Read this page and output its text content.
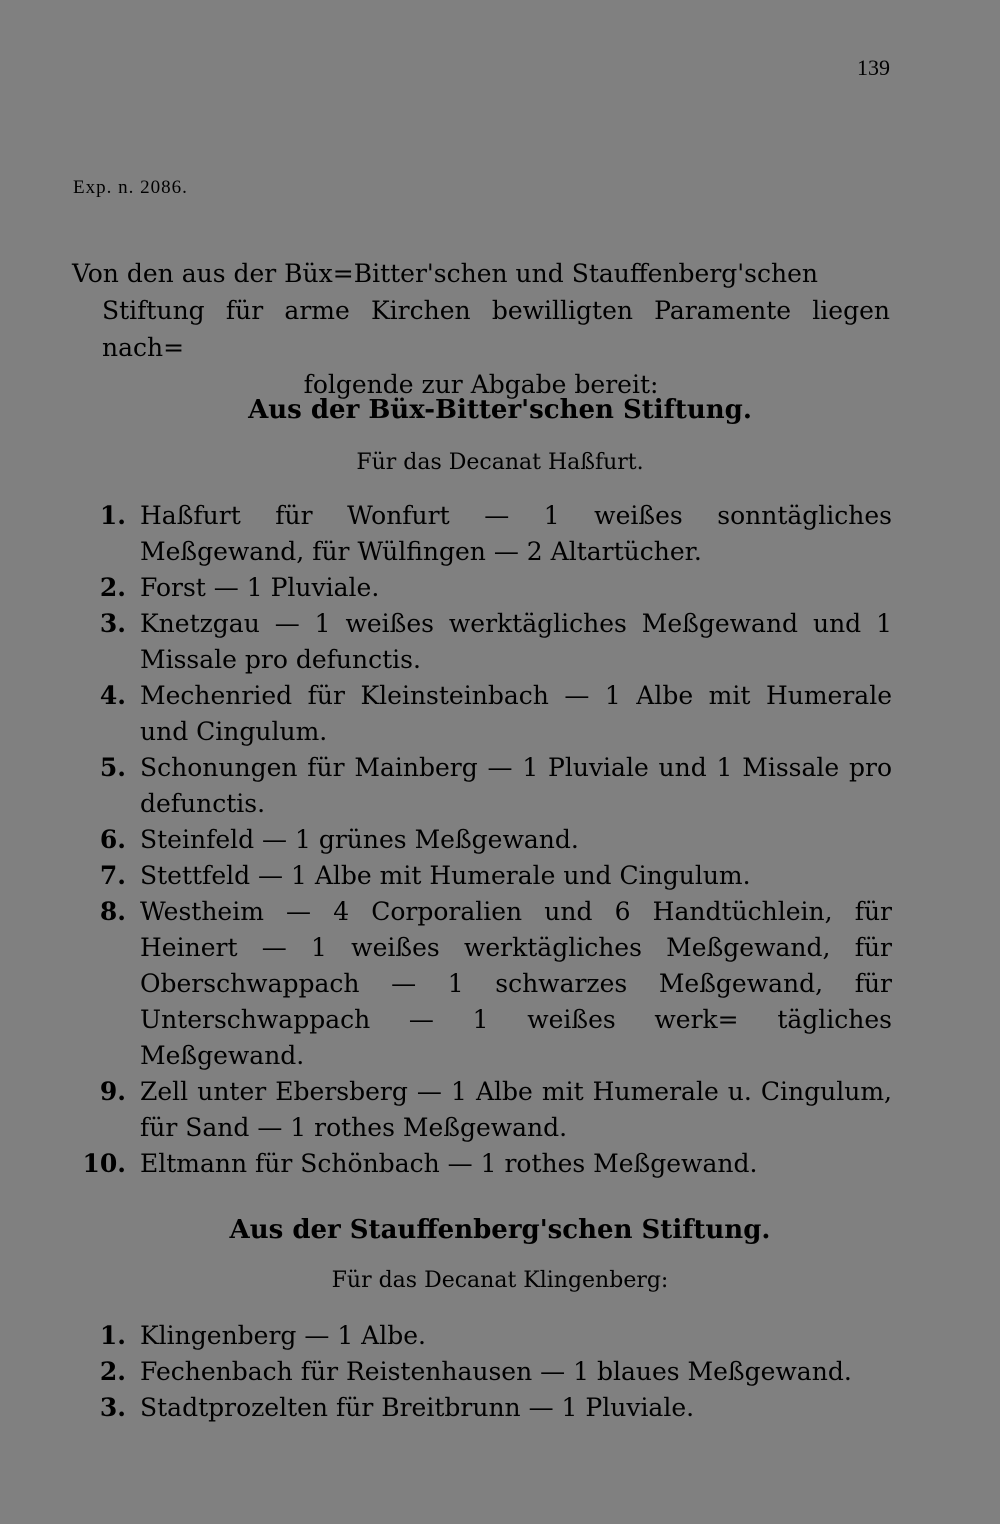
139
Exp. n. 2086.
Von den aus der Büx=Bitter'schen und Stauffenberg'schen
Stiftung für arme Kirchen bewilligten Paramente liegen nach=
folgende zur Abgabe bereit:
Aus der Büx-Bitter'schen Stiftung.
Für das Decanat Haßfurt.
1. Haßfurt für Wonfurt — 1 weißes sonntägliches Meßgewand, für Wülfingen — 2 Altartücher.
2. Forst — 1 Pluviale.
3. Knetzgau — 1 weißes werktägliches Meßgewand und 1 Missale pro defunctis.
4. Mechenried für Kleinsteinbach — 1 Albe mit Humerale und Cingulum.
5. Schonungen für Mainberg — 1 Pluviale und 1 Missale pro defunctis.
6. Steinfeld — 1 grünes Meßgewand.
7. Stettfeld — 1 Albe mit Humerale und Cingulum.
8. Westheim — 4 Corporalien und 6 Handtüchlein, für Heinert — 1 weißes werktägliches Meßgewand, für Oberschwappach — 1 schwarzes Meßgewand, für Unterschwappach — 1 weißes werk= tägliches Meßgewand.
9. Zell unter Ebersberg — 1 Albe mit Humerale u. Cingulum, für Sand — 1 rothes Meßgewand.
10. Eltmann für Schönbach — 1 rothes Meßgewand.
Aus der Stauffenberg'schen Stiftung.
Für das Decanat Klingenberg:
1. Klingenberg — 1 Albe.
2. Fechenbach für Reistenhausen — 1 blaues Meßgewand.
3. Stadtprozelten für Breitbrunn — 1 Pluviale.
